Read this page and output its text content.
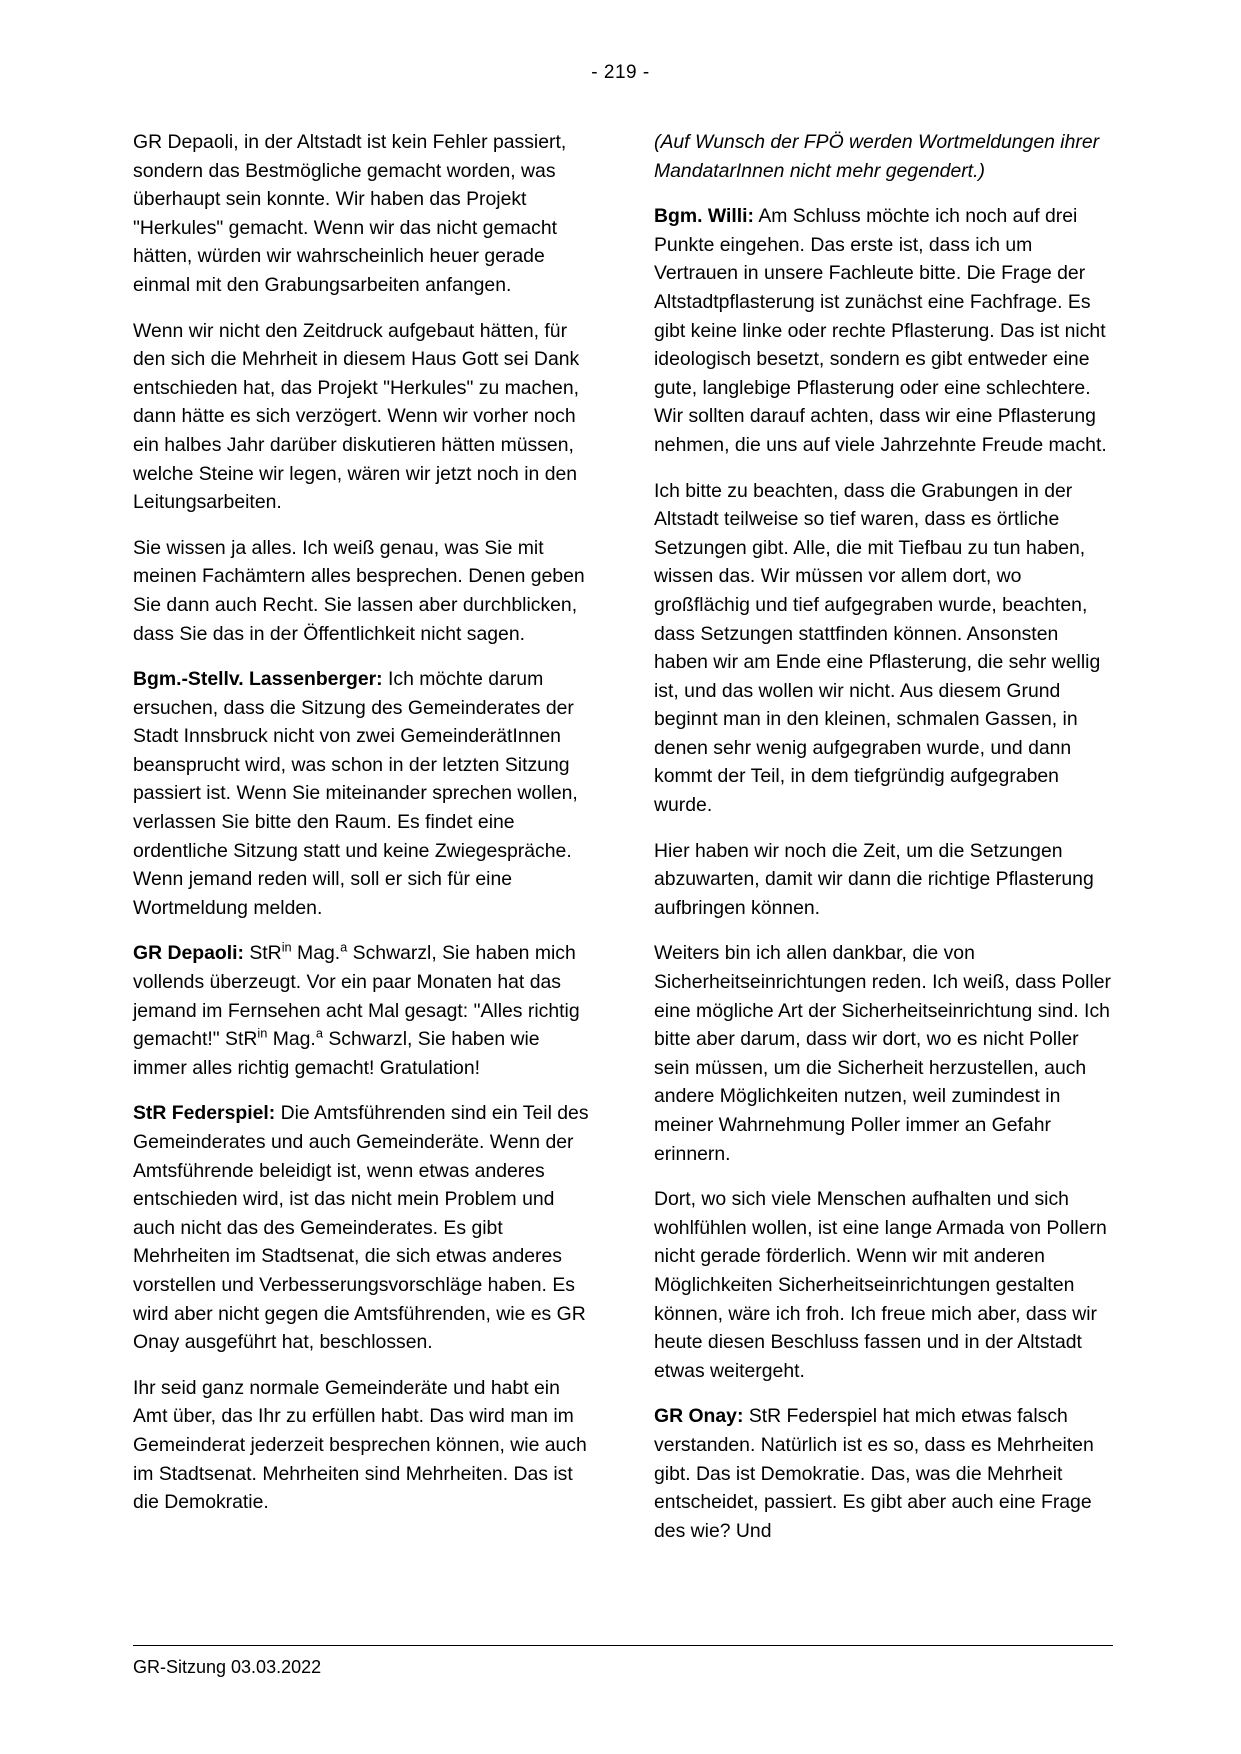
- 219 -

GR Depaoli, in der Altstadt ist kein Fehler passiert, sondern das Bestmögliche gemacht worden, was überhaupt sein konnte. Wir haben das Projekt "Herkules" gemacht. Wenn wir das nicht gemacht hätten, würden wir wahrscheinlich heuer gerade einmal mit den Grabungsarbeiten anfangen.

Wenn wir nicht den Zeitdruck aufgebaut hätten, für den sich die Mehrheit in diesem Haus Gott sei Dank entschieden hat, das Projekt "Herkules" zu machen, dann hätte es sich verzögert. Wenn wir vorher noch ein halbes Jahr darüber diskutieren hätten müssen, welche Steine wir legen, wären wir jetzt noch in den Leitungsarbeiten.

Sie wissen ja alles. Ich weiß genau, was Sie mit meinen Fachämtern alles besprechen. Denen geben Sie dann auch Recht. Sie lassen aber durchblicken, dass Sie das in der Öffentlichkeit nicht sagen.

Bgm.-Stellv. Lassenberger: Ich möchte darum ersuchen, dass die Sitzung des Gemeinderates der Stadt Innsbruck nicht von zwei GemeinderätInnen beansprucht wird, was schon in der letzten Sitzung passiert ist. Wenn Sie miteinander sprechen wollen, verlassen Sie bitte den Raum. Es findet eine ordentliche Sitzung statt und keine Zwiegespräche. Wenn jemand reden will, soll er sich für eine Wortmeldung melden.

GR Depaoli: StR$^{in}$ Mag.$^a$ Schwarzl, Sie haben mich vollends überzeugt. Vor ein paar Monaten hat das jemand im Fernsehen acht Mal gesagt: "Alles richtig gemacht!" StR$^{in}$ Mag.$^a$ Schwarzl, Sie haben wie immer alles richtig gemacht! Gratulation!

StR Federspiel: Die Amtsführenden sind ein Teil des Gemeinderates und auch Gemeinderäte. Wenn der Amtsführende beleidigt ist, wenn etwas anderes entschieden wird, ist das nicht mein Problem und auch nicht das des Gemeinderates. Es gibt Mehrheiten im Stadtsenat, die sich etwas anderes vorstellen und Verbesserungsvorschläge haben. Es wird aber nicht gegen die Amtsführenden, wie es GR Onay ausgeführt hat, beschlossen.

Ihr seid ganz normale Gemeinderäte und habt ein Amt über, das Ihr zu erfüllen habt. Das wird man im Gemeinderat jederzeit besprechen können, wie auch im Stadtsenat. Mehrheiten sind Mehrheiten. Das ist die Demokratie.

(Auf Wunsch der FPÖ werden Wortmeldungen ihrer MandatarInnen nicht mehr gegendert.)

Bgm. Willi: Am Schluss möchte ich noch auf drei Punkte eingehen. Das erste ist, dass ich um Vertrauen in unsere Fachleute bitte. Die Frage der Altstadtpflasterung ist zunächst eine Fachfrage. Es gibt keine linke oder rechte Pflasterung. Das ist nicht ideologisch besetzt, sondern es gibt entweder eine gute, langlebige Pflasterung oder eine schlechtere. Wir sollten darauf achten, dass wir eine Pflasterung nehmen, die uns auf viele Jahrzehnte Freude macht.

Ich bitte zu beachten, dass die Grabungen in der Altstadt teilweise so tief waren, dass es örtliche Setzungen gibt. Alle, die mit Tiefbau zu tun haben, wissen das. Wir müssen vor allem dort, wo großflächig und tief aufgegraben wurde, beachten, dass Setzungen stattfinden können. Ansonsten haben wir am Ende eine Pflasterung, die sehr wellig ist, und das wollen wir nicht. Aus diesem Grund beginnt man in den kleinen, schmalen Gassen, in denen sehr wenig aufgegraben wurde, und dann kommt der Teil, in dem tiefgründig aufgegraben wurde.

Hier haben wir noch die Zeit, um die Setzungen abzuwarten, damit wir dann die richtige Pflasterung aufbringen können.

Weiters bin ich allen dankbar, die von Sicherheitseinrichtungen reden. Ich weiß, dass Poller eine mögliche Art der Sicherheitseinrichtung sind. Ich bitte aber darum, dass wir dort, wo es nicht Poller sein müssen, um die Sicherheit herzustellen, auch andere Möglichkeiten nutzen, weil zumindest in meiner Wahrnehmung Poller immer an Gefahr erinnern.

Dort, wo sich viele Menschen aufhalten und sich wohlfühlen wollen, ist eine lange Armada von Pollern nicht gerade förderlich. Wenn wir mit anderen Möglichkeiten Sicherheitseinrichtungen gestalten können, wäre ich froh. Ich freue mich aber, dass wir heute diesen Beschluss fassen und in der Altstadt etwas weitergeht.

GR Onay: StR Federspiel hat mich etwas falsch verstanden. Natürlich ist es so, dass es Mehrheiten gibt. Das ist Demokratie. Das, was die Mehrheit entscheidet, passiert. Es gibt aber auch eine Frage des wie? Und

GR-Sitzung 03.03.2022
